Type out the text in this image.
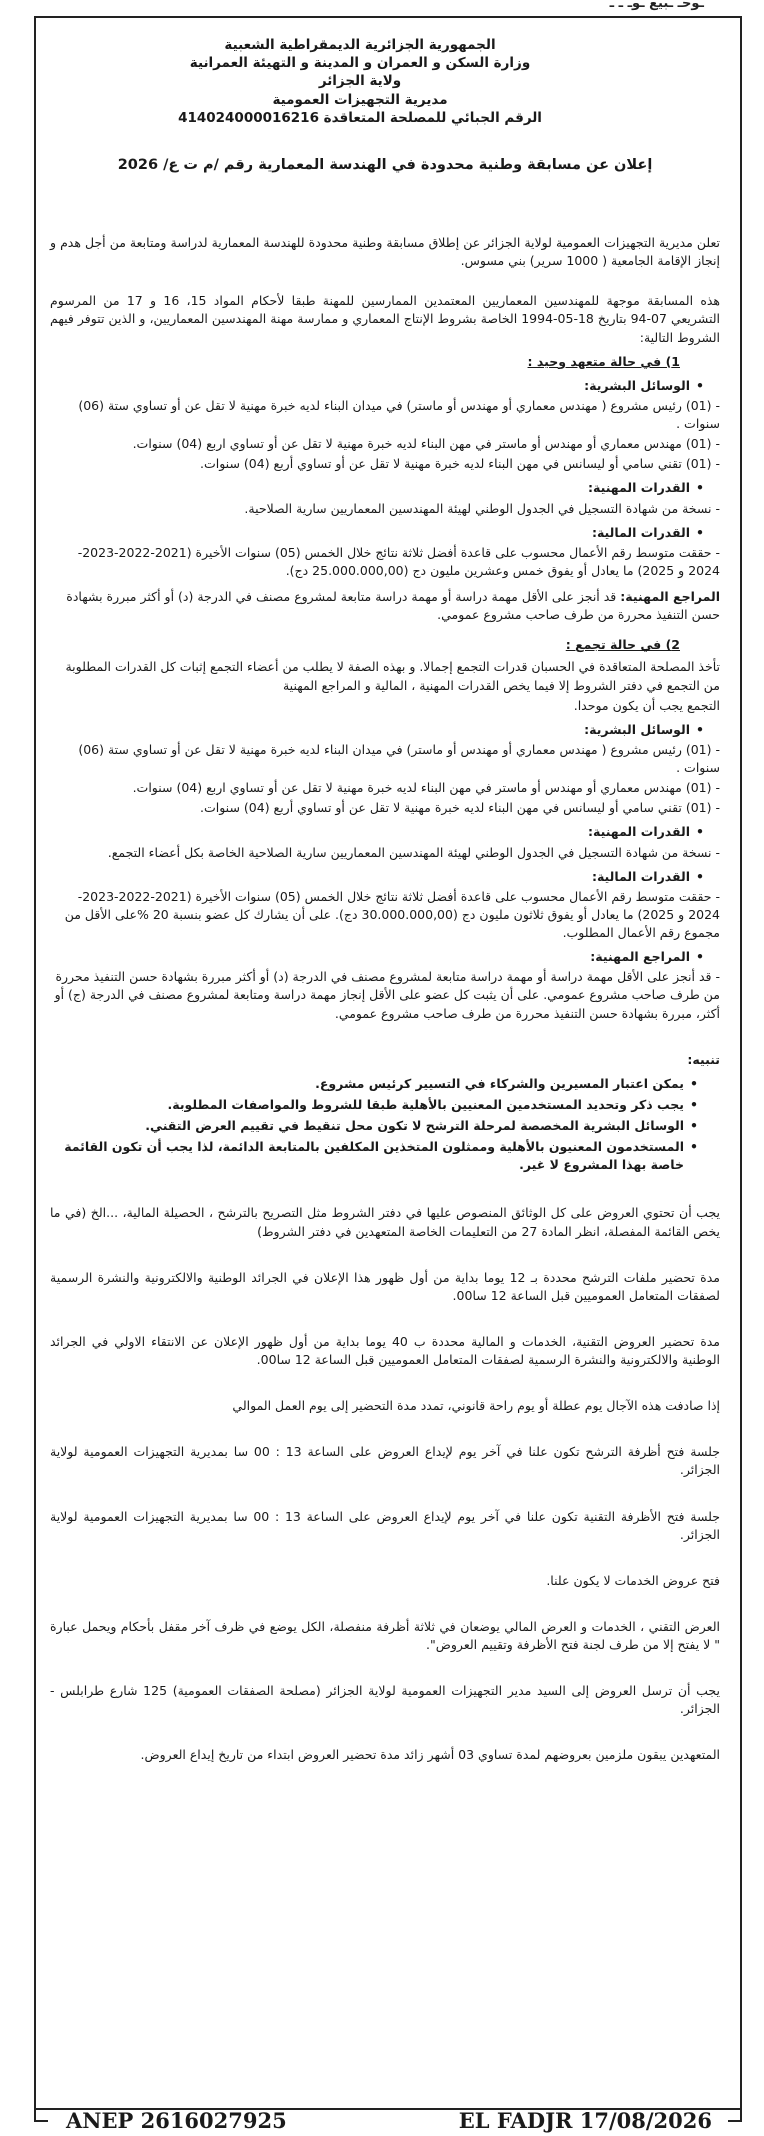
ـوحـ ـبيع ـوـ ـ ـ
الجمهورية الجزائرية الديمقراطية الشعبية
وزارة السكن و العمران و المدينة و التهيئة العمرانية
ولاية الجزائر
مديرية التجهيزات العمومية
الرقم الجبائي للمصلحة المتعاقدة 414024000016216
إعلان عن مسابقة وطنية محدودة في الهندسة المعمارية رقم /م ت ع/ 2026

تعلن مديرية التجهيزات العمومية لولاية الجزائر عن إطلاق مسابقة وطنية محدودة للهندسة المعمارية لدراسة ومتابعة من أجل هدم و إنجاز الإقامة الجامعية ( 1000 سرير) بني مسوس.

هذه المسابقة موجهة للمهندسين المعماريين المعتمدين الممارسين للمهنة طبقا لأحكام المواد 15، 16 و 17 من المرسوم التشريعي 07-94 بتاريخ 18-05-1994 الخاصة بشروط الإنتاج المعماري و ممارسة مهنة المهندسين المعماريين، و الذين تتوفر فيهم الشروط التالية:

1) في حالة متعهد وحيد :
• الوسائل البشرية:
- (01) رئيس مشروع ( مهندس معماري أو مهندس أو ماستر) في ميدان البناء لديه خبرة مهنية لا تقل عن أو تساوي ستة (06) سنوات .
- (01) مهندس معماري أو مهندس أو ماستر في مهن البناء لديه خبرة مهنية لا تقل عن أو تساوي اربع (04) سنوات.
- (01) تقني سامي أو ليسانس في مهن البناء لديه خبرة مهنية لا تقل عن أو تساوي أربع (04) سنوات.
• القدرات المهنية:
- نسخة من شهادة التسجيل في الجدول الوطني لهيئة المهندسين المعماريين سارية الصلاحية.
• القدرات المالية:
- حققت متوسط رقم الأعمال محسوب على قاعدة أفضل ثلاثة نتائج خلال الخمس (05) سنوات الأخيرة (2021-2022-2023-2024 و 2025) ما يعادل أو يفوق خمس وعشرين مليون دج (25.000.000,00 دج).
المراجع المهنية: قد أنجز على الأقل مهمة دراسة أو مهمة دراسة متابعة لمشروع مصنف في الدرجة (د) أو أكثر مبررة بشهادة حسن التنفيذ محررة من طرف صاحب مشروع عمومي.
2) في حالة تجمع :
تأخذ المصلحة المتعاقدة في الحسبان قدرات التجمع إجمالا. و بهذه الصفة لا يطلب من أعضاء التجمع إثبات كل القدرات المطلوبة من التجمع في دفتر الشروط إلا فيما يخص القدرات المهنية ، المالية و المراجع المهنية
التجمع يجب أن يكون موحدا.
• الوسائل البشرية:
- (01) رئيس مشروع ( مهندس معماري أو مهندس أو ماستر) في ميدان البناء لديه خبرة مهنية لا تقل عن أو تساوي ستة (06) سنوات .
- (01) مهندس معماري أو مهندس أو ماستر في مهن البناء لديه خبرة مهنية لا تقل عن أو تساوي اربع (04) سنوات.
- (01) تقني سامي أو ليسانس في مهن البناء لديه خبرة مهنية لا تقل عن أو تساوي أربع (04) سنوات.
• القدرات المهنية:
- نسخة من شهادة التسجيل في الجدول الوطني لهيئة المهندسين المعماريين سارية الصلاحية الخاصة بكل أعضاء التجمع.
• القدرات المالية:
- حققت متوسط رقم الأعمال محسوب على قاعدة أفضل ثلاثة نتائج خلال الخمس (05) سنوات الأخيرة (2021-2022-2023-2024 و 2025) ما يعادل أو يفوق ثلاثون مليون دج (30.000.000,00 دج). على أن يشارك كل عضو بنسبة 20 %على الأقل من مجموع رقم الأعمال المطلوب.
• المراجع المهنية:
- قد أنجز على الأقل مهمة دراسة أو مهمة دراسة متابعة لمشروع مصنف في الدرجة (د) أو أكثر مبررة بشهادة حسن التنفيذ محررة من طرف صاحب مشروع عمومي. على أن يثبت كل عضو على الأقل إنجاز مهمة دراسة ومتابعة لمشروع مصنف في الدرجة (ج) أو أكثر، مبررة بشهادة حسن التنفيذ محررة من طرف صاحب مشروع عمومي.
تنبيه:
• يمكن اعتبار المسيرين والشركاء في التسيير كرئيس مشروع.
• يجب ذكر وتحديد المستخدمين المعنيين بالأهلية طبقا للشروط والمواصفات المطلوبة.
• الوسائل البشرية المخصصة لمرحلة الترشح لا تكون محل تنقيط في تقييم العرض التقني.
• المستخدمون المعنيون بالأهلية وممثلون المتخذين المكلفين بالمتابعة الدائمة، لذا يجب أن تكون القائمة خاصة بهذا المشروع لا غير.

يجب أن تحتوي العروض على كل الوثائق المنصوص عليها في دفتر الشروط مثل التصريح بالترشح ، الحصيلة المالية، ...الخ (في ما يخص القائمة المفصلة، انظر المادة 27 من التعليمات الخاصة المتعهدين في دفتر الشروط)

مدة تحضير ملفات الترشح محددة بـ 12 يوما بداية من أول ظهور هذا الإعلان في الجرائد الوطنية والالكترونية والنشرة الرسمية لصفقات المتعامل العموميين قبل الساعة 12 سا00.

مدة تحضير العروض التقنية، الخدمات و المالية محددة ب 40 يوما بداية من أول ظهور الإعلان عن الانتقاء الاولي في الجرائد الوطنية والالكترونية والنشرة الرسمية لصفقات المتعامل العموميين قبل الساعة 12 سا00.

إذا صادفت هذه الآجال يوم عطلة أو يوم راحة قانوني، تمدد مدة التحضير إلى يوم العمل الموالي

جلسة فتح أظرفة الترشح تكون علنا في آخر يوم لإيداع العروض على الساعة 13 : 00 سا بمديرية التجهيزات العمومية لولاية الجزائر.

جلسة فتح الأظرفة التقنية تكون علنا في آخر يوم لإيداع العروض على الساعة 13 : 00 سا بمديرية التجهيزات العمومية لولاية الجزائر.

فتح عروض الخدمات لا يكون علنا.

العرض التقني ، الخدمات و العرض المالي يوضعان في ثلاثة أظرفة منفصلة، الكل يوضع في ظرف آخر مقفل بأحكام ويحمل عبارة " لا يفتح إلا من طرف لجنة فتح الأظرفة وتقييم العروض".

يجب أن ترسل العروض إلى السيد مدير التجهيزات العمومية لولاية الجزائر (مصلحة الصفقات العمومية) 125 شارع طرابلس - الجزائر.

المتعهدين يبقون ملزمين بعروضهم لمدة تساوي 03 أشهر زائد مدة تحضير العروض ابتداء من تاريخ إيداع العروض.

ANEP 2616027925	EL FADJR 17/08/2026
